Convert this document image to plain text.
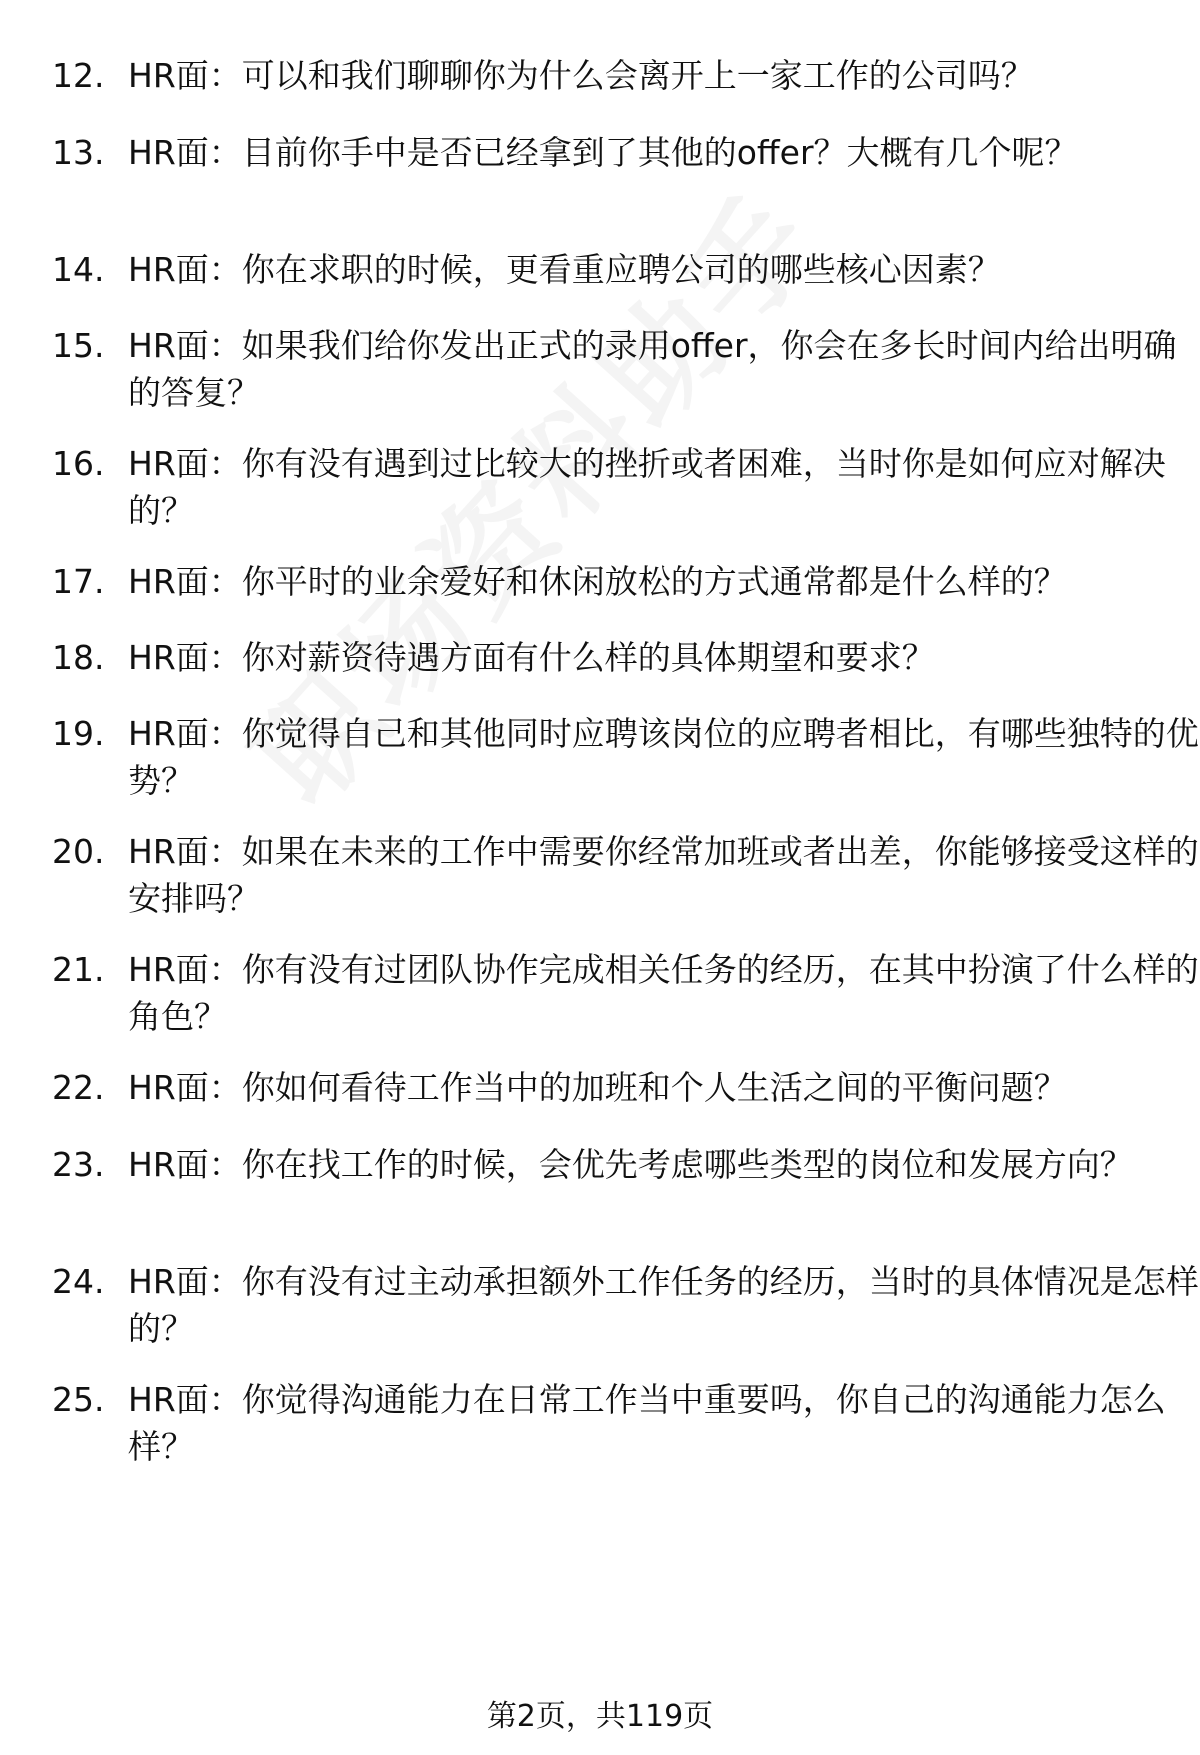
12. HR面：可以和我们聊聊你为什么会离开上一家工作的公司吗？
13. HR面：目前你手中是否已经拿到了其他的offer？大概有几个呢？
14. HR面：你在求职的时候，更看重应聘公司的哪些核心因素？
15. HR面：如果我们给你发出正式的录用offer，你会在多长时间内给出明确的答复？
16. HR面：你有没有遇到过比较大的挫折或者困难，当时你是如何应对解决的？
17. HR面：你平时的业余爱好和休闲放松的方式通常都是什么样的？
18. HR面：你对薪资待遇方面有什么样的具体期望和要求？
19. HR面：你觉得自己和其他同时应聘该岗位的应聘者相比，有哪些独特的优势？
20. HR面：如果在未来的工作中需要你经常加班或者出差，你能够接受这样的安排吗？
21. HR面：你有没有过团队协作完成相关任务的经历，在其中扮演了什么样的角色？
22. HR面：你如何看待工作当中的加班和个人生活之间的平衡问题？
23. HR面：你在找工作的时候，会优先考虑哪些类型的岗位和发展方向？
24. HR面：你有没有过主动承担额外工作任务的经历，当时的具体情况是怎样的？
25. HR面：你觉得沟通能力在日常工作当中重要吗，你自己的沟通能力怎么样？
第2页，共119页
